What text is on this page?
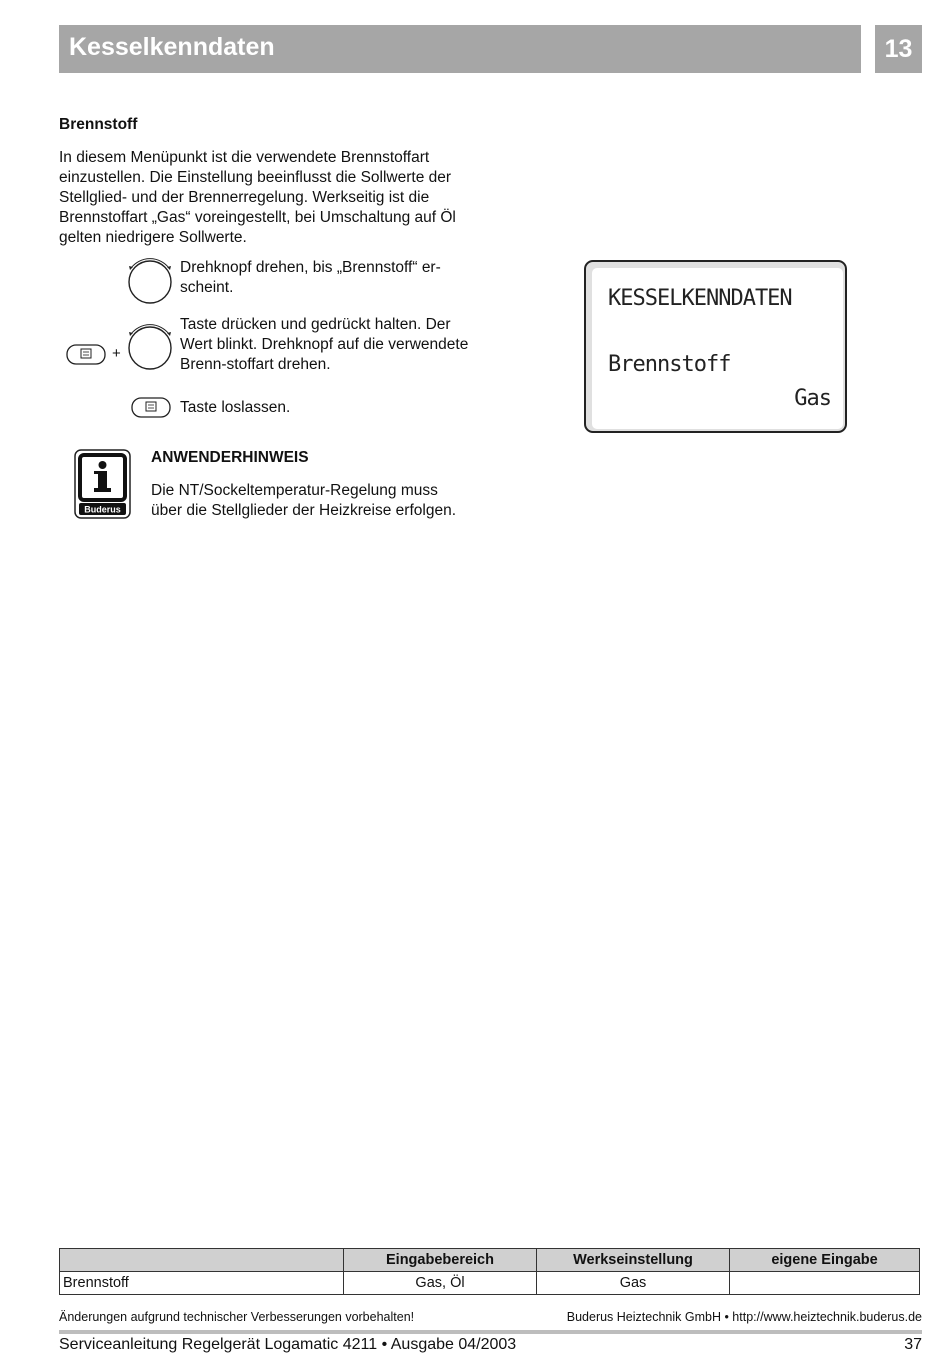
Kesselkenndaten	13
Brennstoff

In diesem Menüpunkt ist die verwendete Brennstoffart einzustellen. Die Einstellung beeinflusst die Sollwerte der Stellglied- und der Brennerregelung. Werkseitig ist die Brennstoffart „Gas“ voreingestellt, bei Umschaltung auf Öl gelten niedrigere Sollwerte.

Drehknopf drehen, bis „Brennstoff“ er-scheint.

+

Taste drücken und gedrückt halten. Der Wert blinkt. Drehknopf auf die verwendete Brenn-stoffart drehen.

Taste loslassen.

Buderus
ANWENDERHINWEIS

Die NT/Sockeltemperatur-Regelung muss über die Stellglieder der Heizkreise erfolgen.

KESSELKENNDATEN
Brennstoff
Gas
	Eingabebereich	Werkseinstellung	eigene Eingabe
Brennstoff	Gas, Öl	Gas	
Änderungen aufgrund technischer Verbesserungen vorbehalten!	Buderus Heiztechnik GmbH • http://www.heiztechnik.buderus.de
Serviceanleitung Regelgerät Logamatic 4211 • Ausgabe 04/2003	37
